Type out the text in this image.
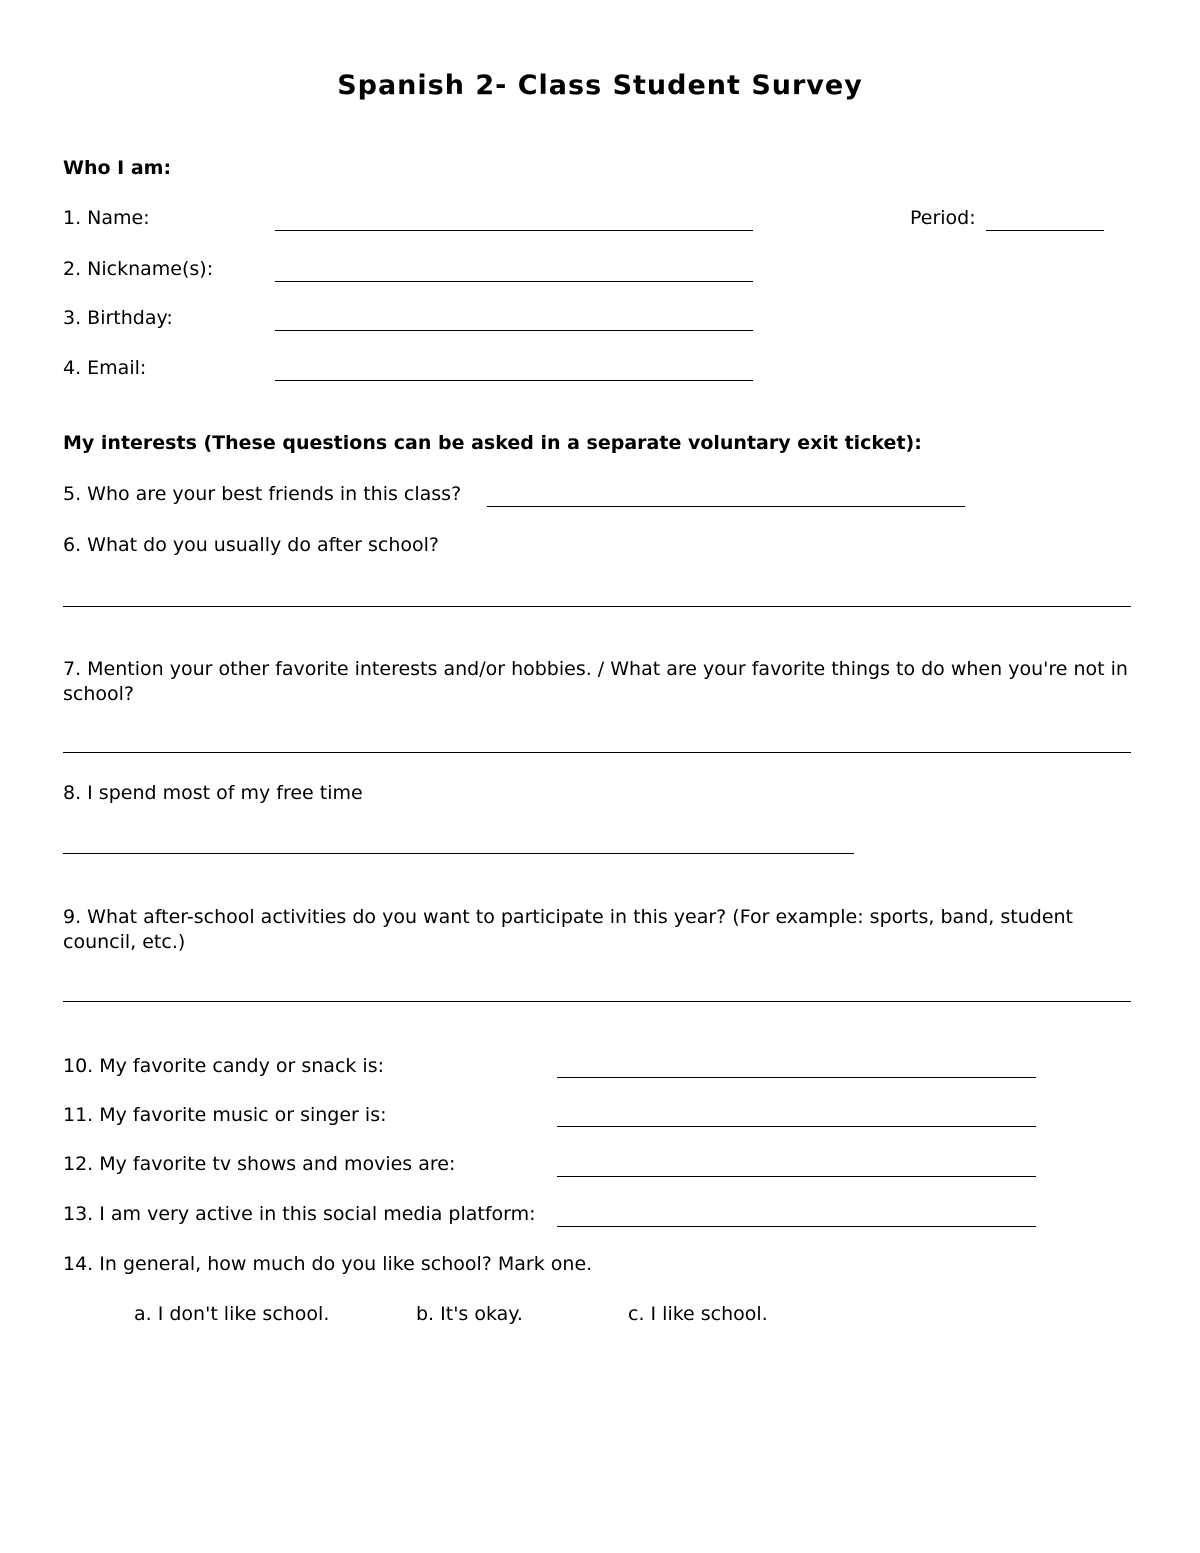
Spanish 2- Class Student Survey
Who I am:
1. Name:	Period:
2. Nickname(s):
3. Birthday:
4. Email:
My interests (These questions can be asked in a separate voluntary exit ticket):
5. Who are your best friends in this class?
6. What do you usually do after school?
7. Mention your other favorite interests and/or hobbies. / What are your favorite things to do when you're not in school?
8. I spend most of my free time
9. What after-school activities do you want to participate in this year? (For example: sports, band, student council, etc.)
10. My favorite candy or snack is:
11. My favorite music or singer is:
12. My favorite tv shows and movies are:
13. I am very active in this social media platform:
14. In general, how much do you like school? Mark one.
a. I don't like school.	b. It's okay.	c. I like school.
